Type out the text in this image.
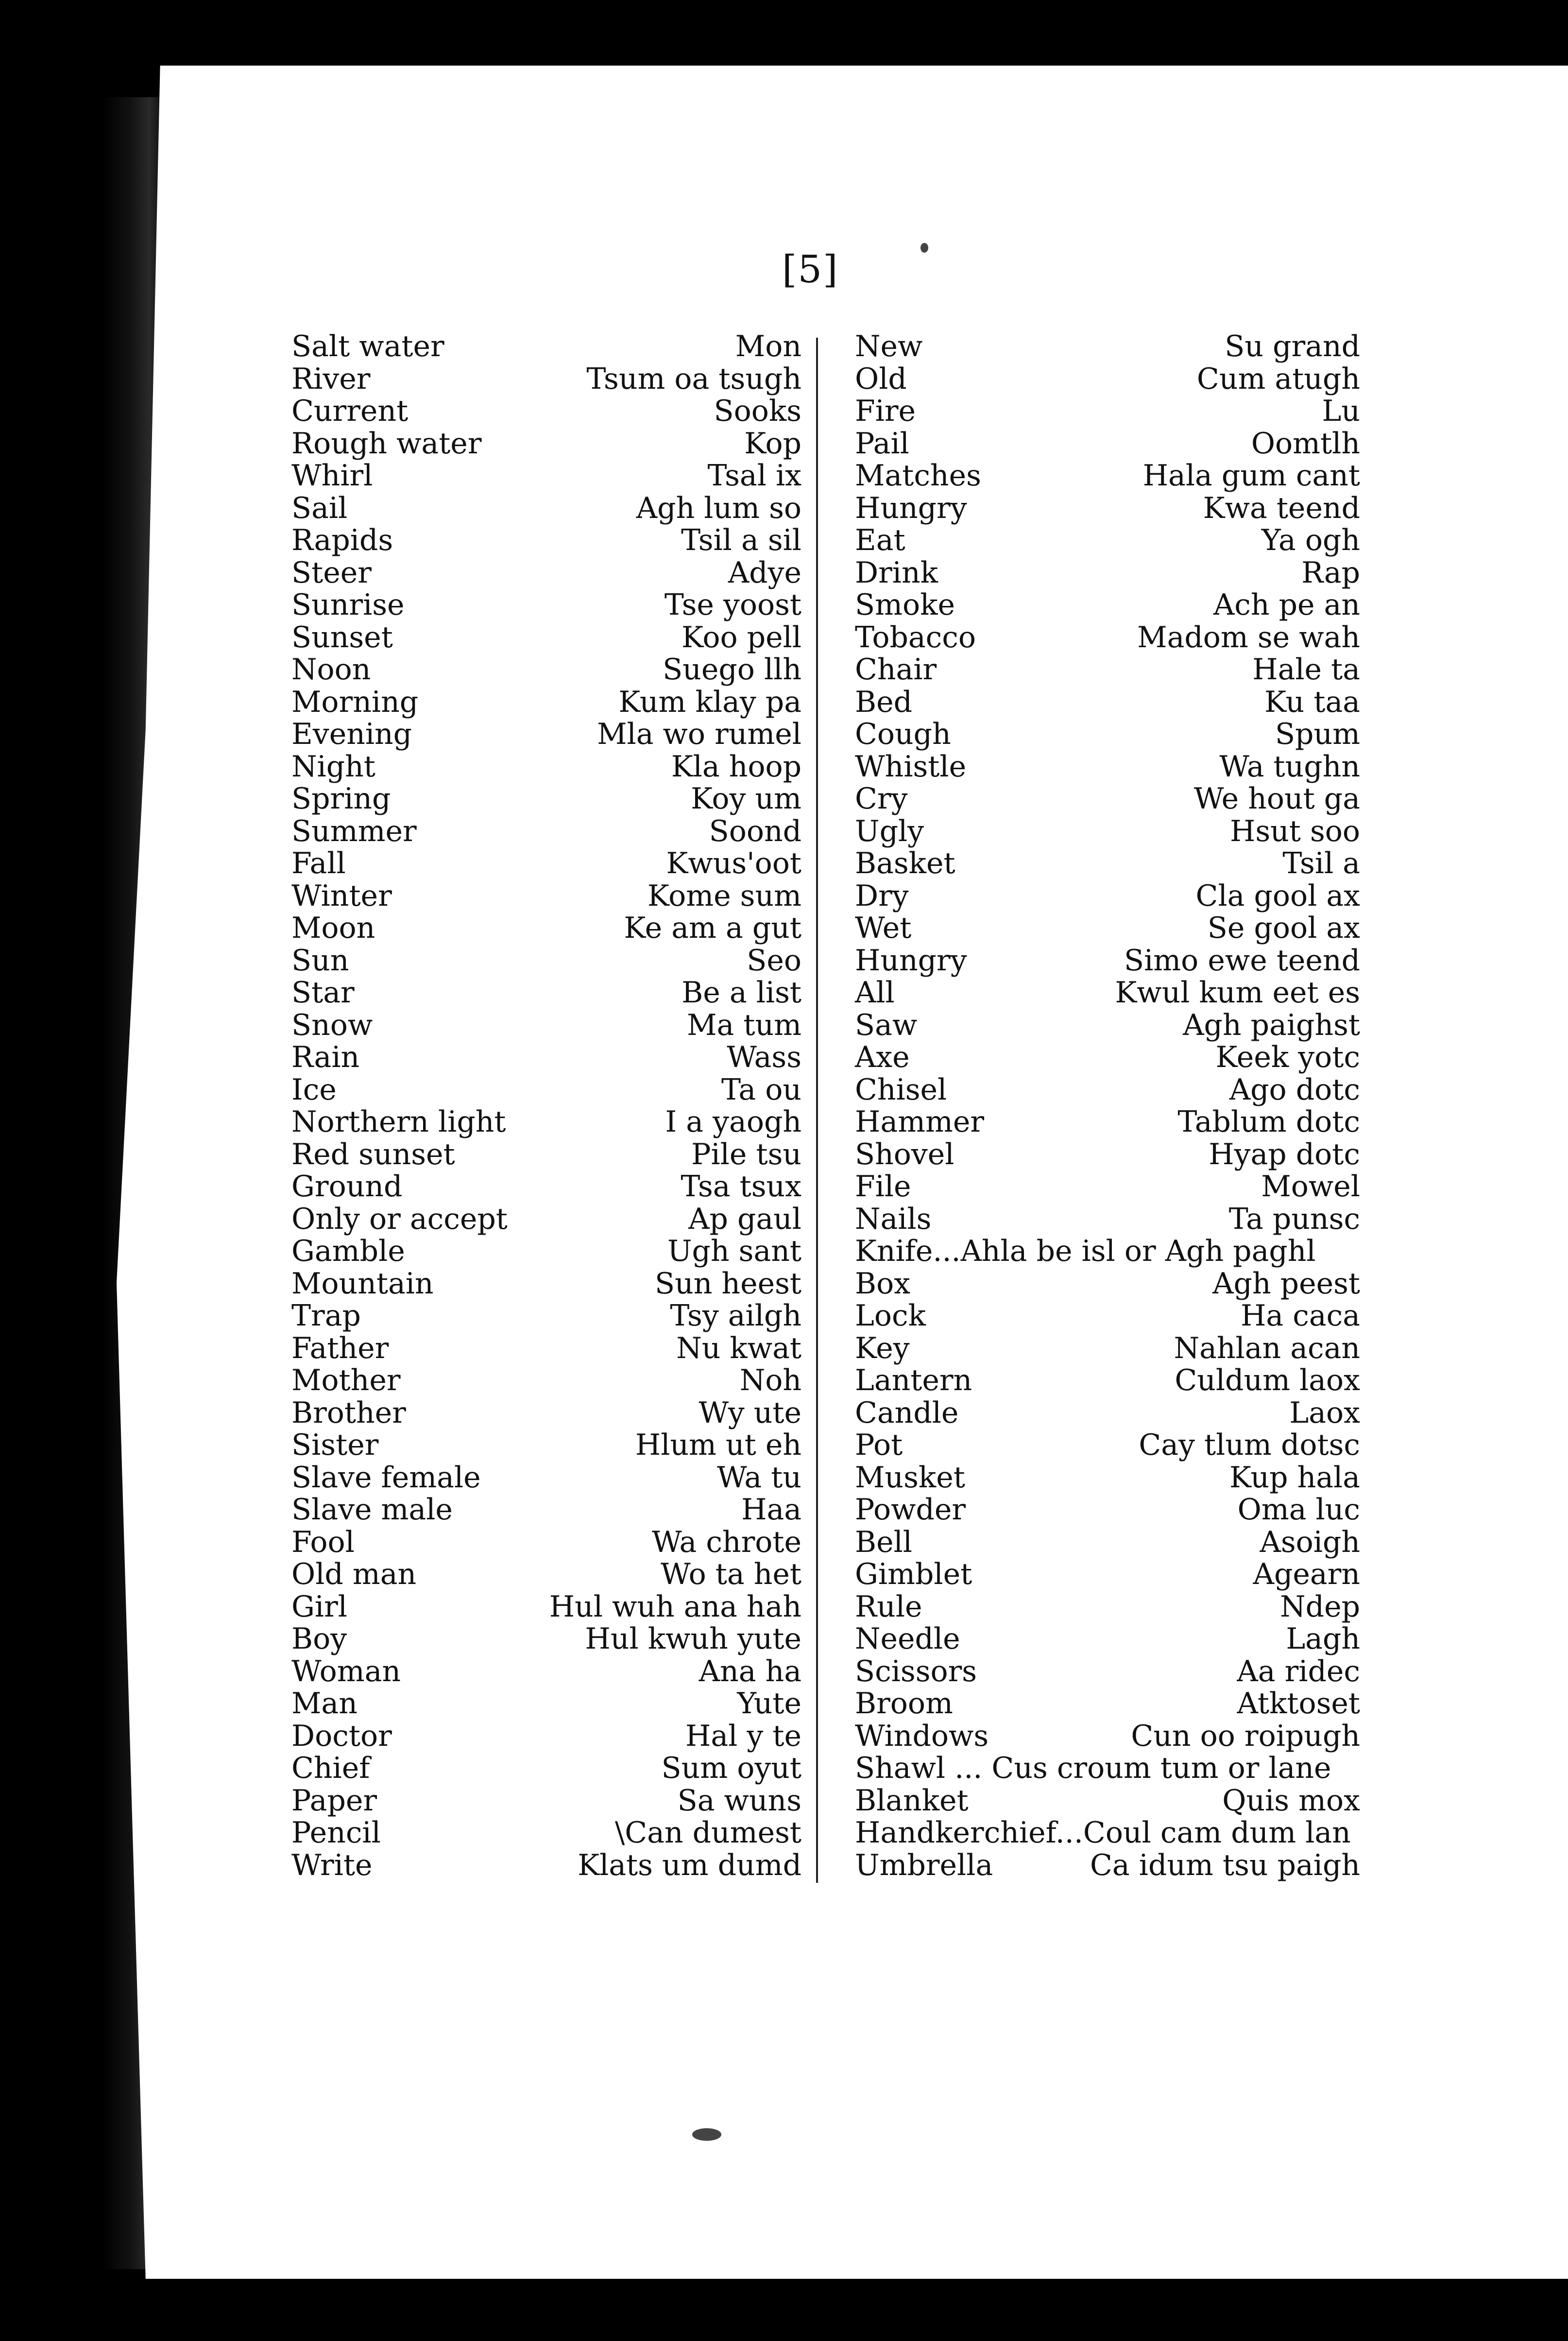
[5]
Salt water	Mon
River	Tsum oa tsugh
Current	Sooks
Rough water	Kop
Whirl	Tsal ix
Sail	Agh lum so
Rapids	Tsil a sil
Steer	Adye
Sunrise	Tse yoost
Sunset	Koo pell
Noon	Suego llh
Morning	Kum klay pa
Evening	Mla wo rumel
Night	Kla hoop
Spring	Koy um
Summer	Soond
Fall	Kwus'oot
Winter	Kome sum
Moon	Ke am a gut
Sun	Seo
Star	Be a list
Snow	Ma tum
Rain	Wass
Ice	Ta ou
Northern light	I a yaogh
Red sunset	Pile tsu
Ground	Tsa tsux
Only or accept	Ap gaul
Gamble	Ugh sant
Mountain	Sun heest
Trap	Tsy ailgh
Father	Nu kwat
Mother	Noh
Brother	Wy ute
Sister	Hlum ut eh
Slave female	Wa tu
Slave male	Haa
Fool	Wa chrote
Old man	Wo ta het
Girl	Hul wuh ana hah
Boy	Hul kwuh yute
Woman	Ana ha
Man	Yute
Doctor	Hal y te
Chief	Sum oyut
Paper	Sa wuns
Pencil	\Can dumest
Write	Klats um dumd
New	Su grand
Old	Cum atugh
Fire	Lu
Pail	Oomtlh
Matches	Hala gum cant
Hungry	Kwa teend
Eat	Ya ogh
Drink	Rap
Smoke	Ach pe an
Tobacco	Madom se wah
Chair	Hale ta
Bed	Ku taa
Cough	Spum
Whistle	Wa tughn
Cry	We hout ga
Ugly	Hsut soo
Basket	Tsil a
Dry	Cla gool ax
Wet	Se gool ax
Hungry	Simo ewe teend
All	Kwul kum eet es
Saw	Agh paighst
Axe	Keek yotc
Chisel	Ago dotc
Hammer	Tablum dotc
Shovel	Hyap dotc
File	Mowel
Nails	Ta punsc
Knife...Ahla be isl or Agh paghl
Box	Agh peest
Lock	Ha caca
Key	Nahlan acan
Lantern	Culdum laox
Candle	Laox
Pot	Cay tlum dotsc
Musket	Kup hala
Powder	Oma luc
Bell	Asoigh
Gimblet	Agearn
Rule	Ndep
Needle	Lagh
Scissors	Aa ridec
Broom	Atktoset
Windows	Cun oo roipugh
Shawl ... Cus croum tum or lane
Blanket	Quis mox
Handkerchief...Coul cam dum lan
Umbrella	Ca idum tsu paigh
